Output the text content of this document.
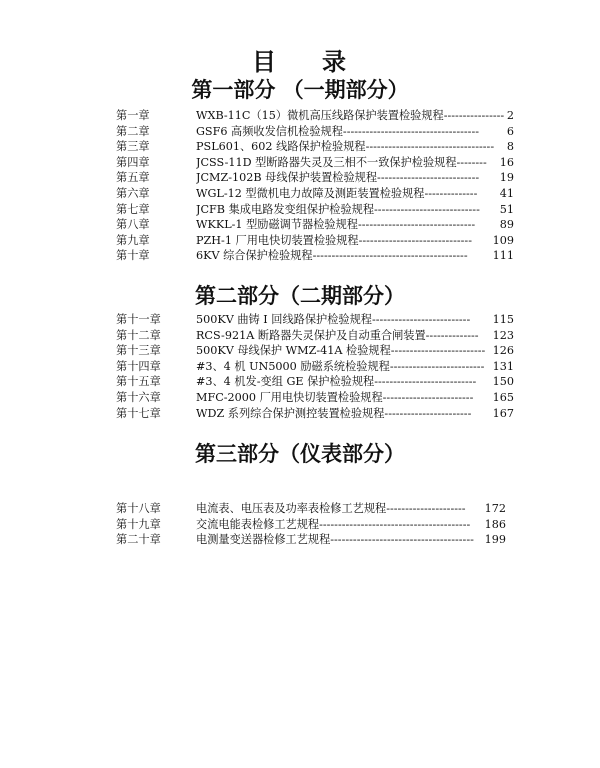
目 录
第一部分 （一期部分）
第一章	WXB-11C（15）微机高压线路保护装置检验规程---------------- 2
第二章	GSF6 高频收发信机检验规程------------------------------------	6
第三章	PSL601、602 线路保护检验规程----------------------------------	8
第四章	JCSS-11D 型断路器失灵及三相不一致保护检验规程--------	16
第五章	JCMZ-102B 母线保护装置检验规程---------------------------	19
第六章	WGL-12 型微机电力故障及测距装置检验规程--------------	41
第七章	JCFB 集成电路发变组保护检验规程----------------------------	51
第八章	WKKL-1 型励磁调节器检验规程-------------------------------	89
第九章	PZH-1 厂用电快切装置检验规程------------------------------	109
第十章	6KV 综合保护检验规程-----------------------------------------	111
第二部分（二期部分）
第十一章	500KV 曲铸 I 回线路保护检验规程--------------------------	115
第十二章	RCS-921A 断路器失灵保护及自动重合闸装置--------------	123
第十三章	500KV 母线保护 WMZ-41A 检验规程------------------------- 126
第十四章	#3、4 机 UN5000 励磁系统检验规程------------------------- 131
第十五章	#3、4 机发-变组 GE 保护检验规程---------------------------	150
第十六章	MFC-2000 厂用电快切装置检验规程------------------------	165
第十七章	WDZ 系列综合保护测控装置检验规程-----------------------	167
第三部分（仪表部分）
第十八章	电流表、电压表及功率表检修工艺规程---------------------	172
第十九章	交流电能表检修工艺规程----------------------------------------	186
第二十章	电测量变送器检修工艺规程-------------------------------------- 199
